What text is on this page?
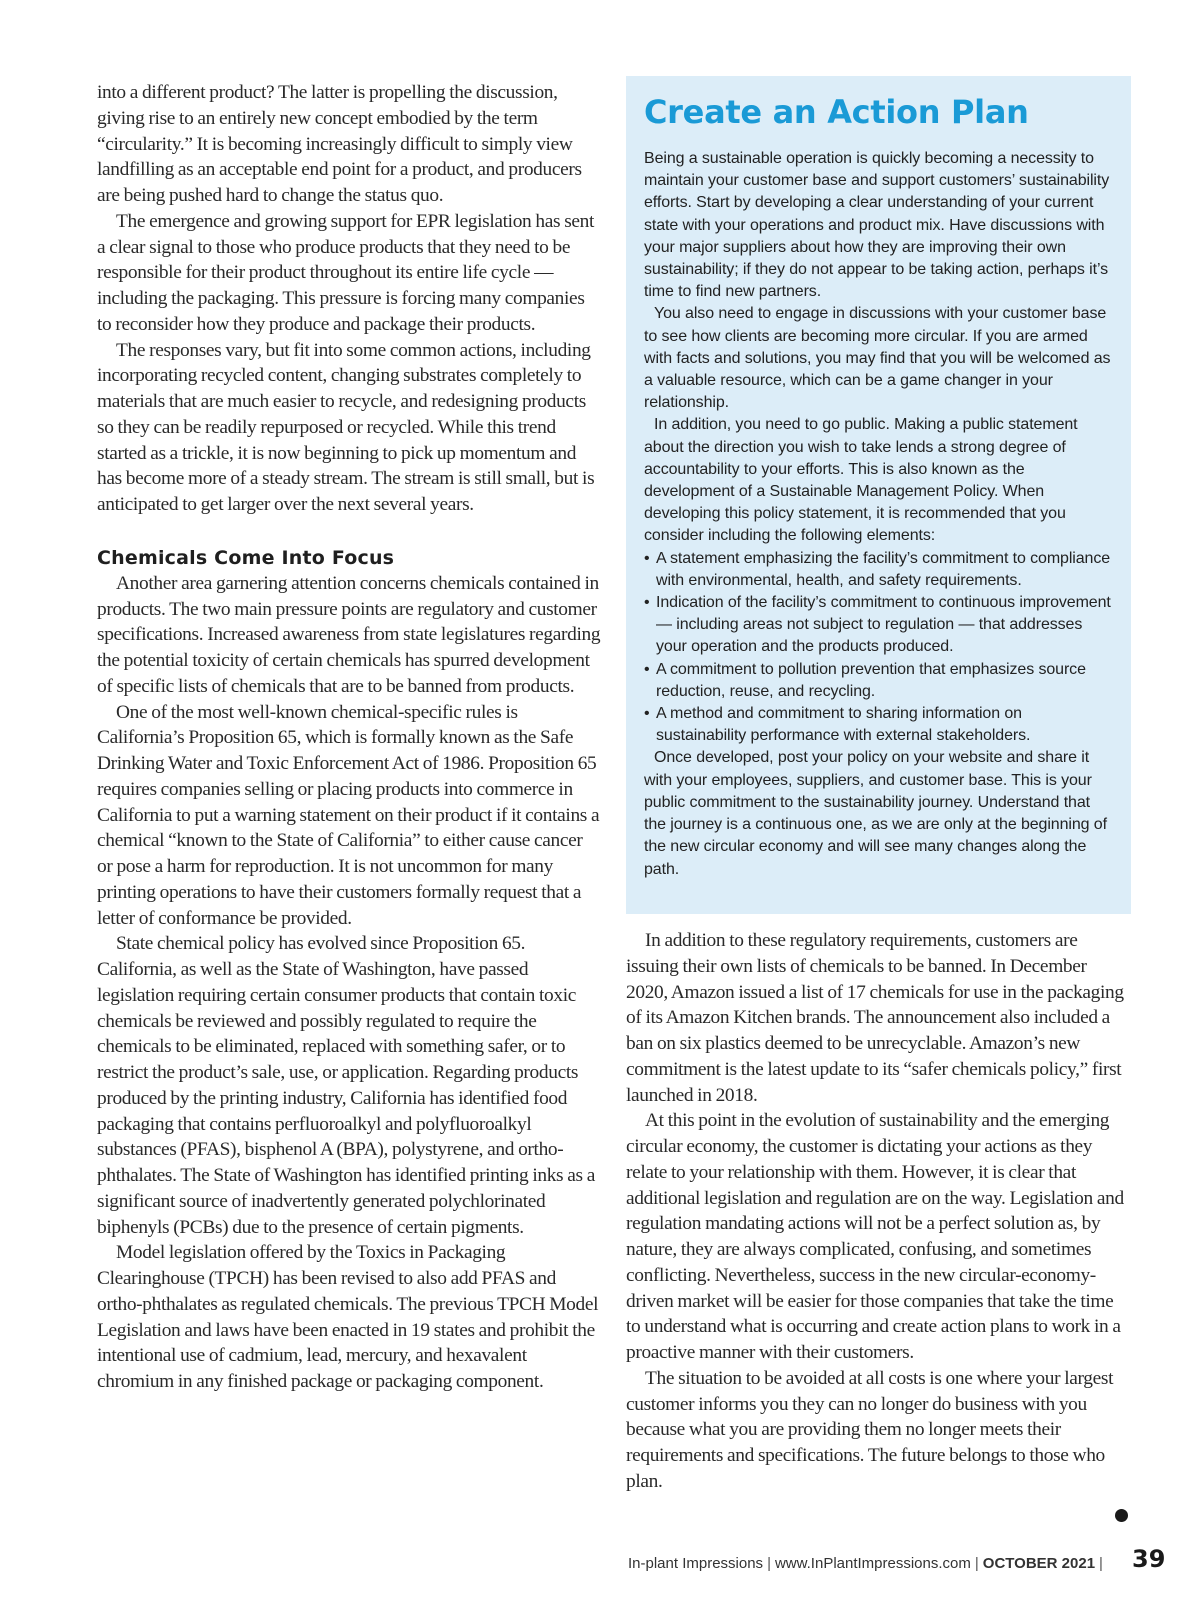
into a different product? The latter is propelling the discussion, giving rise to an entirely new concept embodied by the term “circularity.” It is becoming increasingly difficult to simply view landfilling as an acceptable end point for a product, and producers are being pushed hard to change the status quo.

The emergence and growing support for EPR legislation has sent a clear signal to those who produce products that they need to be responsible for their product throughout its entire life cycle — including the packaging. This pressure is forcing many companies to reconsider how they produce and package their products.

The responses vary, but fit into some common actions, including incorporating recycled content, changing substrates completely to materials that are much easier to recycle, and redesigning products so they can be readily repurposed or recycled. While this trend started as a trickle, it is now beginning to pick up momentum and has become more of a steady stream. The stream is still small, but is anticipated to get larger over the next several years.

Chemicals Come Into Focus

Another area garnering attention concerns chemicals contained in products. The two main pressure points are regulatory and customer specifications. Increased awareness from state legislatures regarding the potential toxicity of certain chemicals has spurred development of specific lists of chemicals that are to be banned from products.

One of the most well-known chemical-specific rules is California’s Proposition 65, which is formally known as the Safe Drinking Water and Toxic Enforcement Act of 1986. Proposition 65 requires companies selling or placing products into commerce in California to put a warning statement on their product if it contains a chemical “known to the State of California” to either cause cancer or pose a harm for reproduction. It is not uncommon for many printing operations to have their customers formally request that a letter of conformance be provided.

State chemical policy has evolved since Proposition 65. California, as well as the State of Washington, have passed legislation requiring certain consumer products that contain toxic chemicals be reviewed and possibly regulated to require the chemicals to be eliminated, replaced with something safer, or to restrict the product’s sale, use, or application. Regarding products produced by the printing industry, California has identified food packaging that contains perfluoroalkyl and polyfluoroalkyl substances (PFAS), bisphenol A (BPA), polystyrene, and ortho-phthalates. The State of Washington has identified printing inks as a significant source of inadvertently generated polychlorinated biphenyls (PCBs) due to the presence of certain pigments.

Model legislation offered by the Toxics in Packaging Clearinghouse (TPCH) has been revised to also add PFAS and ortho-phthalates as regulated chemicals. The previous TPCH Model Legislation and laws have been enacted in 19 states and prohibit the intentional use of cadmium, lead, mercury, and hexavalent chromium in any finished package or packaging component.

Create an Action Plan

Being a sustainable operation is quickly becoming a necessity to maintain your customer base and support customers’ sustainability efforts. Start by developing a clear understanding of your current state with your operations and product mix. Have discussions with your major suppliers about how they are improving their own sustainability; if they do not appear to be taking action, perhaps it’s time to find new partners.

You also need to engage in discussions with your customer base to see how clients are becoming more circular. If you are armed with facts and solutions, you may find that you will be welcomed as a valuable resource, which can be a game changer in your relationship.

In addition, you need to go public. Making a public statement about the direction you wish to take lends a strong degree of accountability to your efforts. This is also known as the development of a Sustainable Management Policy. When developing this policy statement, it is recommended that you consider including the following elements:

• A statement emphasizing the facility’s commitment to compliance with environmental, health, and safety requirements.
• Indication of the facility’s commitment to continuous improvement — including areas not subject to regulation — that addresses your operation and the products produced.
• A commitment to pollution prevention that emphasizes source reduction, reuse, and recycling.
• A method and commitment to sharing information on sustainability performance with external stakeholders.

Once developed, post your policy on your website and share it with your employees, suppliers, and customer base. This is your public commitment to the sustainability journey. Understand that the journey is a continuous one, as we are only at the beginning of the new circular economy and will see many changes along the path.

In addition to these regulatory requirements, customers are issuing their own lists of chemicals to be banned. In December 2020, Amazon issued a list of 17 chemicals for use in the packaging of its Amazon Kitchen brands. The announcement also included a ban on six plastics deemed to be unrecyclable. Amazon’s new commitment is the latest update to its “safer chemicals policy,” first launched in 2018.

At this point in the evolution of sustainability and the emerging circular economy, the customer is dictating your actions as they relate to your relationship with them. However, it is clear that additional legislation and regulation are on the way. Legislation and regulation mandating actions will not be a perfect solution as, by nature, they are always complicated, confusing, and sometimes conflicting. Nevertheless, success in the new circular-economy-driven market will be easier for those companies that take the time to understand what is occurring and create action plans to work in a proactive manner with their customers.

The situation to be avoided at all costs is one where your largest customer informs you they can no longer do business with you because what you are providing them no longer meets their requirements and specifications. The future belongs to those who plan.

In-plant Impressions | www.InPlantImpressions.com | OCTOBER 2021 | 39
